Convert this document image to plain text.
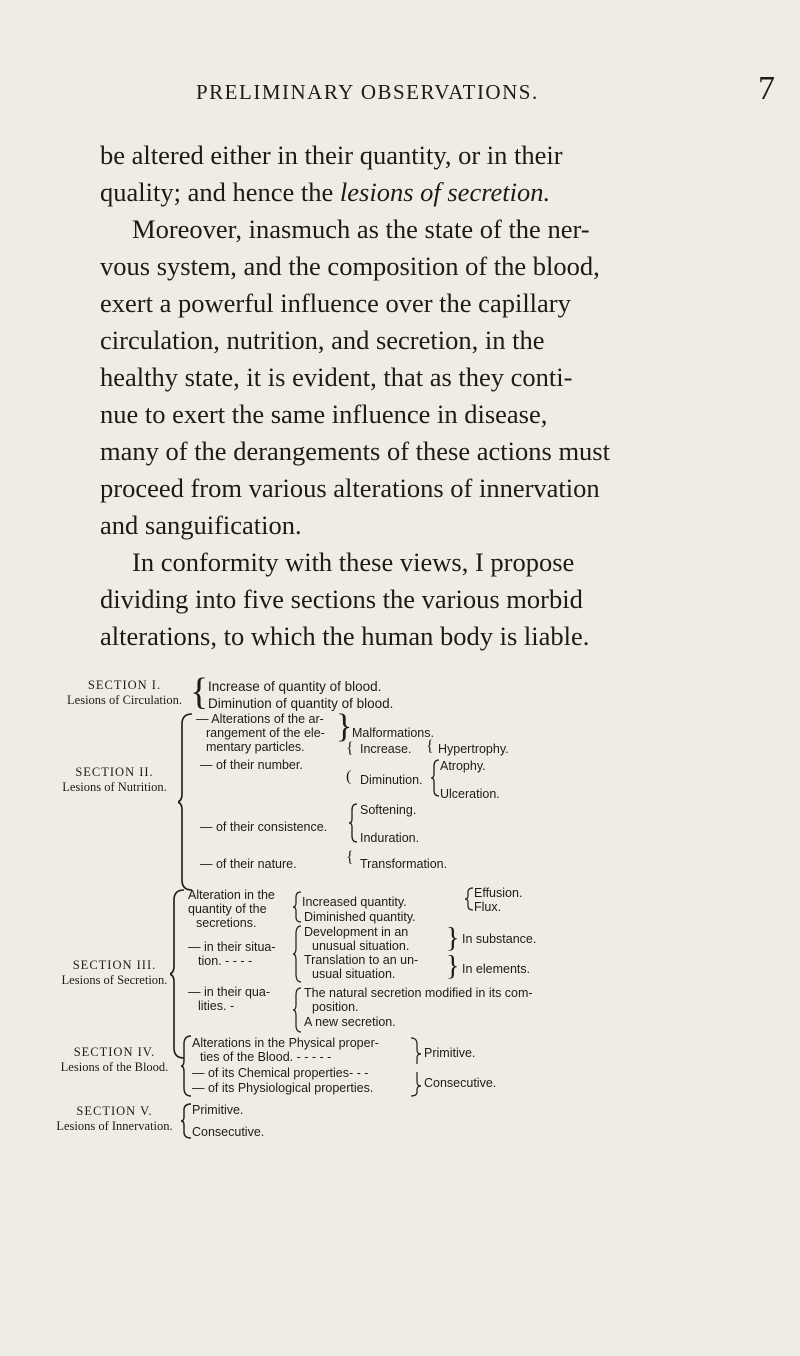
PRELIMINARY OBSERVATIONS.	7
be altered either in their quantity, or in their
quality; and hence the lesions of secretion.
Moreover, inasmuch as the state of the ner-
vous system, and the composition of the blood,
exert a powerful influence over the capillary
circulation, nutrition, and secretion, in the
healthy state, it is evident, that as they conti-
nue to exert the same influence in disease,
many of the derangements of these actions must
proceed from various alterations of innervation
and sanguification.
In conformity with these views, I propose
dividing into five sections the various morbid
alterations, to which the human body is liable.
SECTION I.
Lesions of Circulation. { Increase of quantity of blood.
Diminution of quantity of blood.
SECTION II.
Lesions of Nutrition.
— Alterations of the ar-
rangement of the ele-
mentary particles.
} Malformations.
— of their number.
{ Increase. { Hypertrophy.
( Diminution.
Atrophy.
Ulceration.
— of their consistence.
Softening.
Induration.
— of their nature.	{ Transformation.
SECTION III.
Lesions of Secretion.
Alteration in the
quantity of the
secretions.
Increased quantity.
Diminished quantity.
Effusion.
Flux.
— in their situa-
tion. - - - -
Development in an
unusual situation.
Translation to an un-
usual situation.
}
}
In substance.
In elements.
— in their qua-
lities. -
The natural secretion modified in its com-
position.
A new secretion.
SECTION IV.
Lesions of the Blood.
Alterations in the Physical proper-
ties of the Blood. - - - - -
— of its Chemical properties- - -
— of its Physiological properties.
Primitive.
Consecutive.
SECTION V.
Lesions of Innervation.
Primitive.
Consecutive.
